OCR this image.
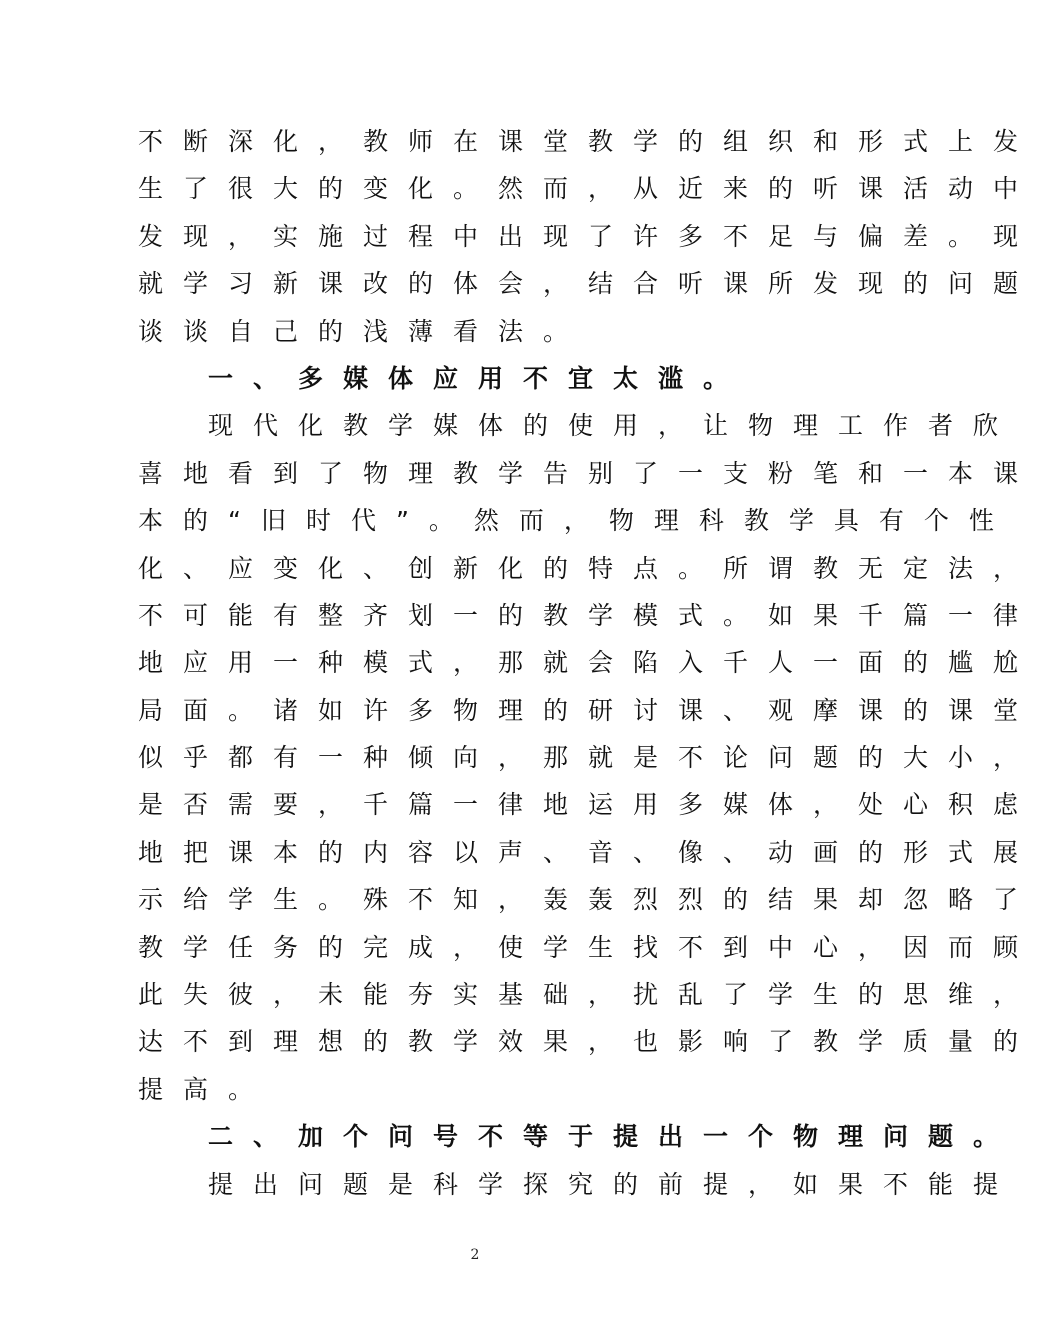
不断深化，教师在课堂教学的组织和形式上发
生了很大的变化。然而，从近来的听课活动中
发现，实施过程中出现了许多不足与偏差。现
就学习新课改的体会，结合听课所发现的问题
谈谈自己的浅薄看法。
一、多媒体应用不宜太滥。
现代化教学媒体的使用，让物理工作者欣
喜地看到了物理教学告别了一支粉笔和一本课
本的“旧时代”。然而，物理科教学具有个性
化、应变化、创新化的特点。所谓教无定法，
不可能有整齐划一的教学模式。如果千篇一律
地应用一种模式，那就会陷入千人一面的尴尬
局面。诸如许多物理的研讨课、观摩课的课堂
似乎都有一种倾向，那就是不论问题的大小，
是否需要，千篇一律地运用多媒体，处心积虑
地把课本的内容以声、音、像、动画的形式展
示给学生。殊不知，轰轰烈烈的结果却忽略了
教学任务的完成，使学生找不到中心，因而顾
此失彼，未能夯实基础，扰乱了学生的思维，
达不到理想的教学效果，也影响了教学质量的
提高。
二、加个问号不等于提出一个物理问题。
提出问题是科学探究的前提，如果不能提
2
